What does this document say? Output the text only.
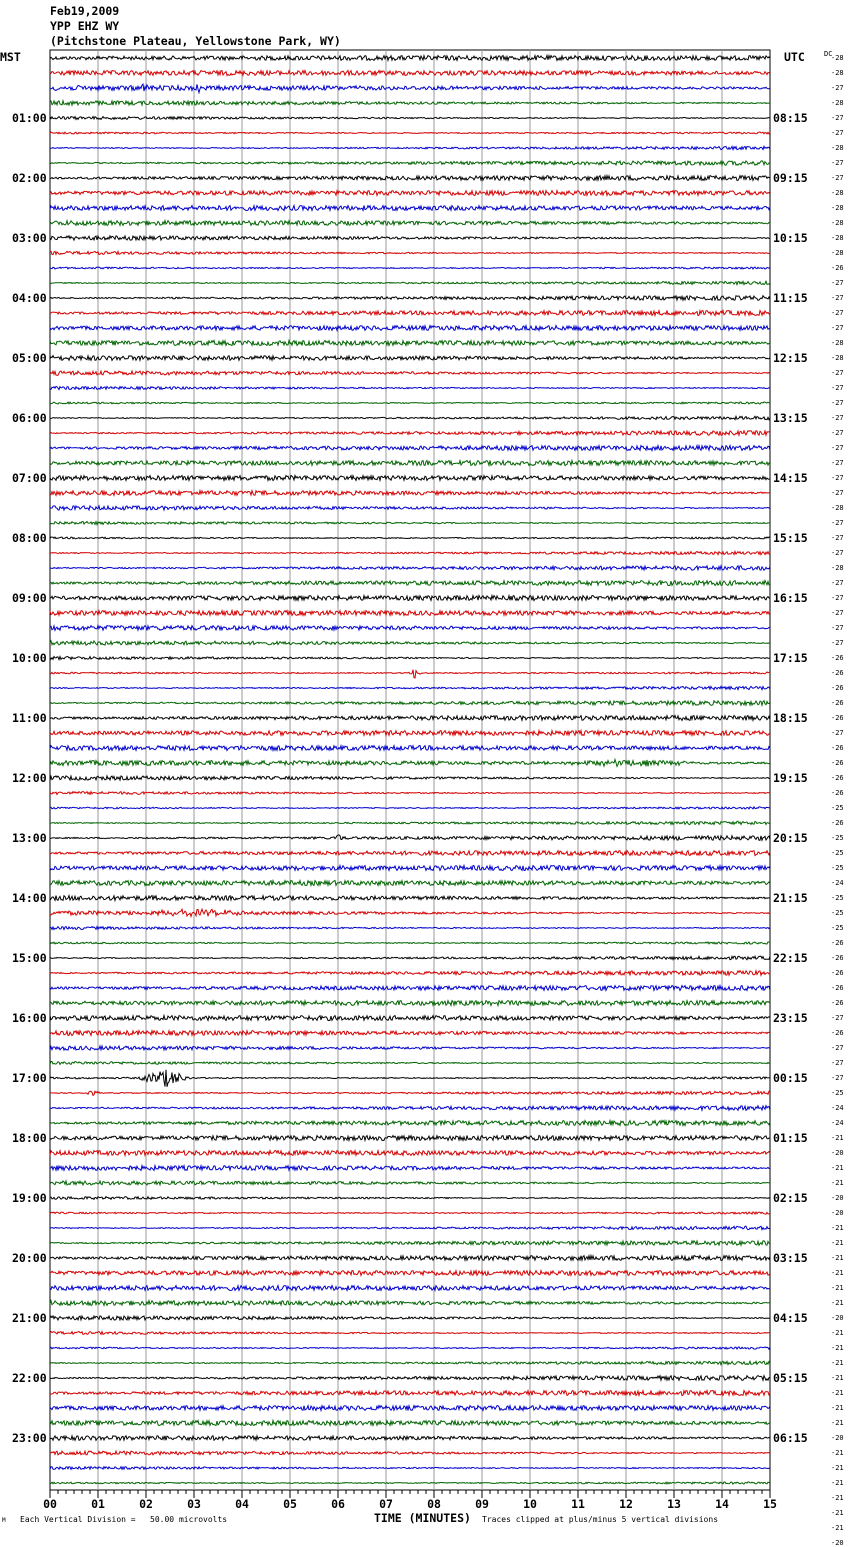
Feb19,2009
YPP EHZ WY
(Pitchstone Plateau, Yellowstone Park, WY)
MST	UTC	DC
00	01	02	03	04	05	06	07	08	09	10	11	12	13	14	15
01:00	08:15
02:00	09:15
03:00	10:15
04:00	11:15
05:00	12:15
06:00	13:15
07:00	14:15
08:00	15:15
09:00	16:15
10:00	17:15
11:00	18:15
12:00	19:15
13:00	20:15
14:00	21:15
15:00	22:15
16:00	23:15
17:00	00:15
18:00	01:15
19:00	02:15
20:00	03:15
21:00	04:15
22:00	05:15
23:00	06:15
-28
-28
-27
-28
-27
-27
-28
-27
-27
-28
-28
-28
-28
-28
-26
-27
-27
-27
-27
-28
-28
-27
-27
-27
-27
-27
-27
-27
-27
-27
-28
-27
-27
-27
-28
-27
-27
-27
-27
-27
-26
-26
-26
-26
-26
-27
-26
-26
-26
-26
-25
-26
-25
-25
-25
-24
-25
-25
-25
-26
-26
-26
-26
-26
-27
-26
-27
-27
-27
-25
-24
-24
-21
-20
-21
-21
-20
-20
-21
-21
-21
-21
-21
-21
-20
-21
-21
-21
-21
-21
-21
-21
-20
-21
-21
-21
-21
-21
-21
-20
Each Vertical Division =   50.00 microvolts	TIME (MINUTES) Traces clipped at plus/minus 5 vertical divisions
M
